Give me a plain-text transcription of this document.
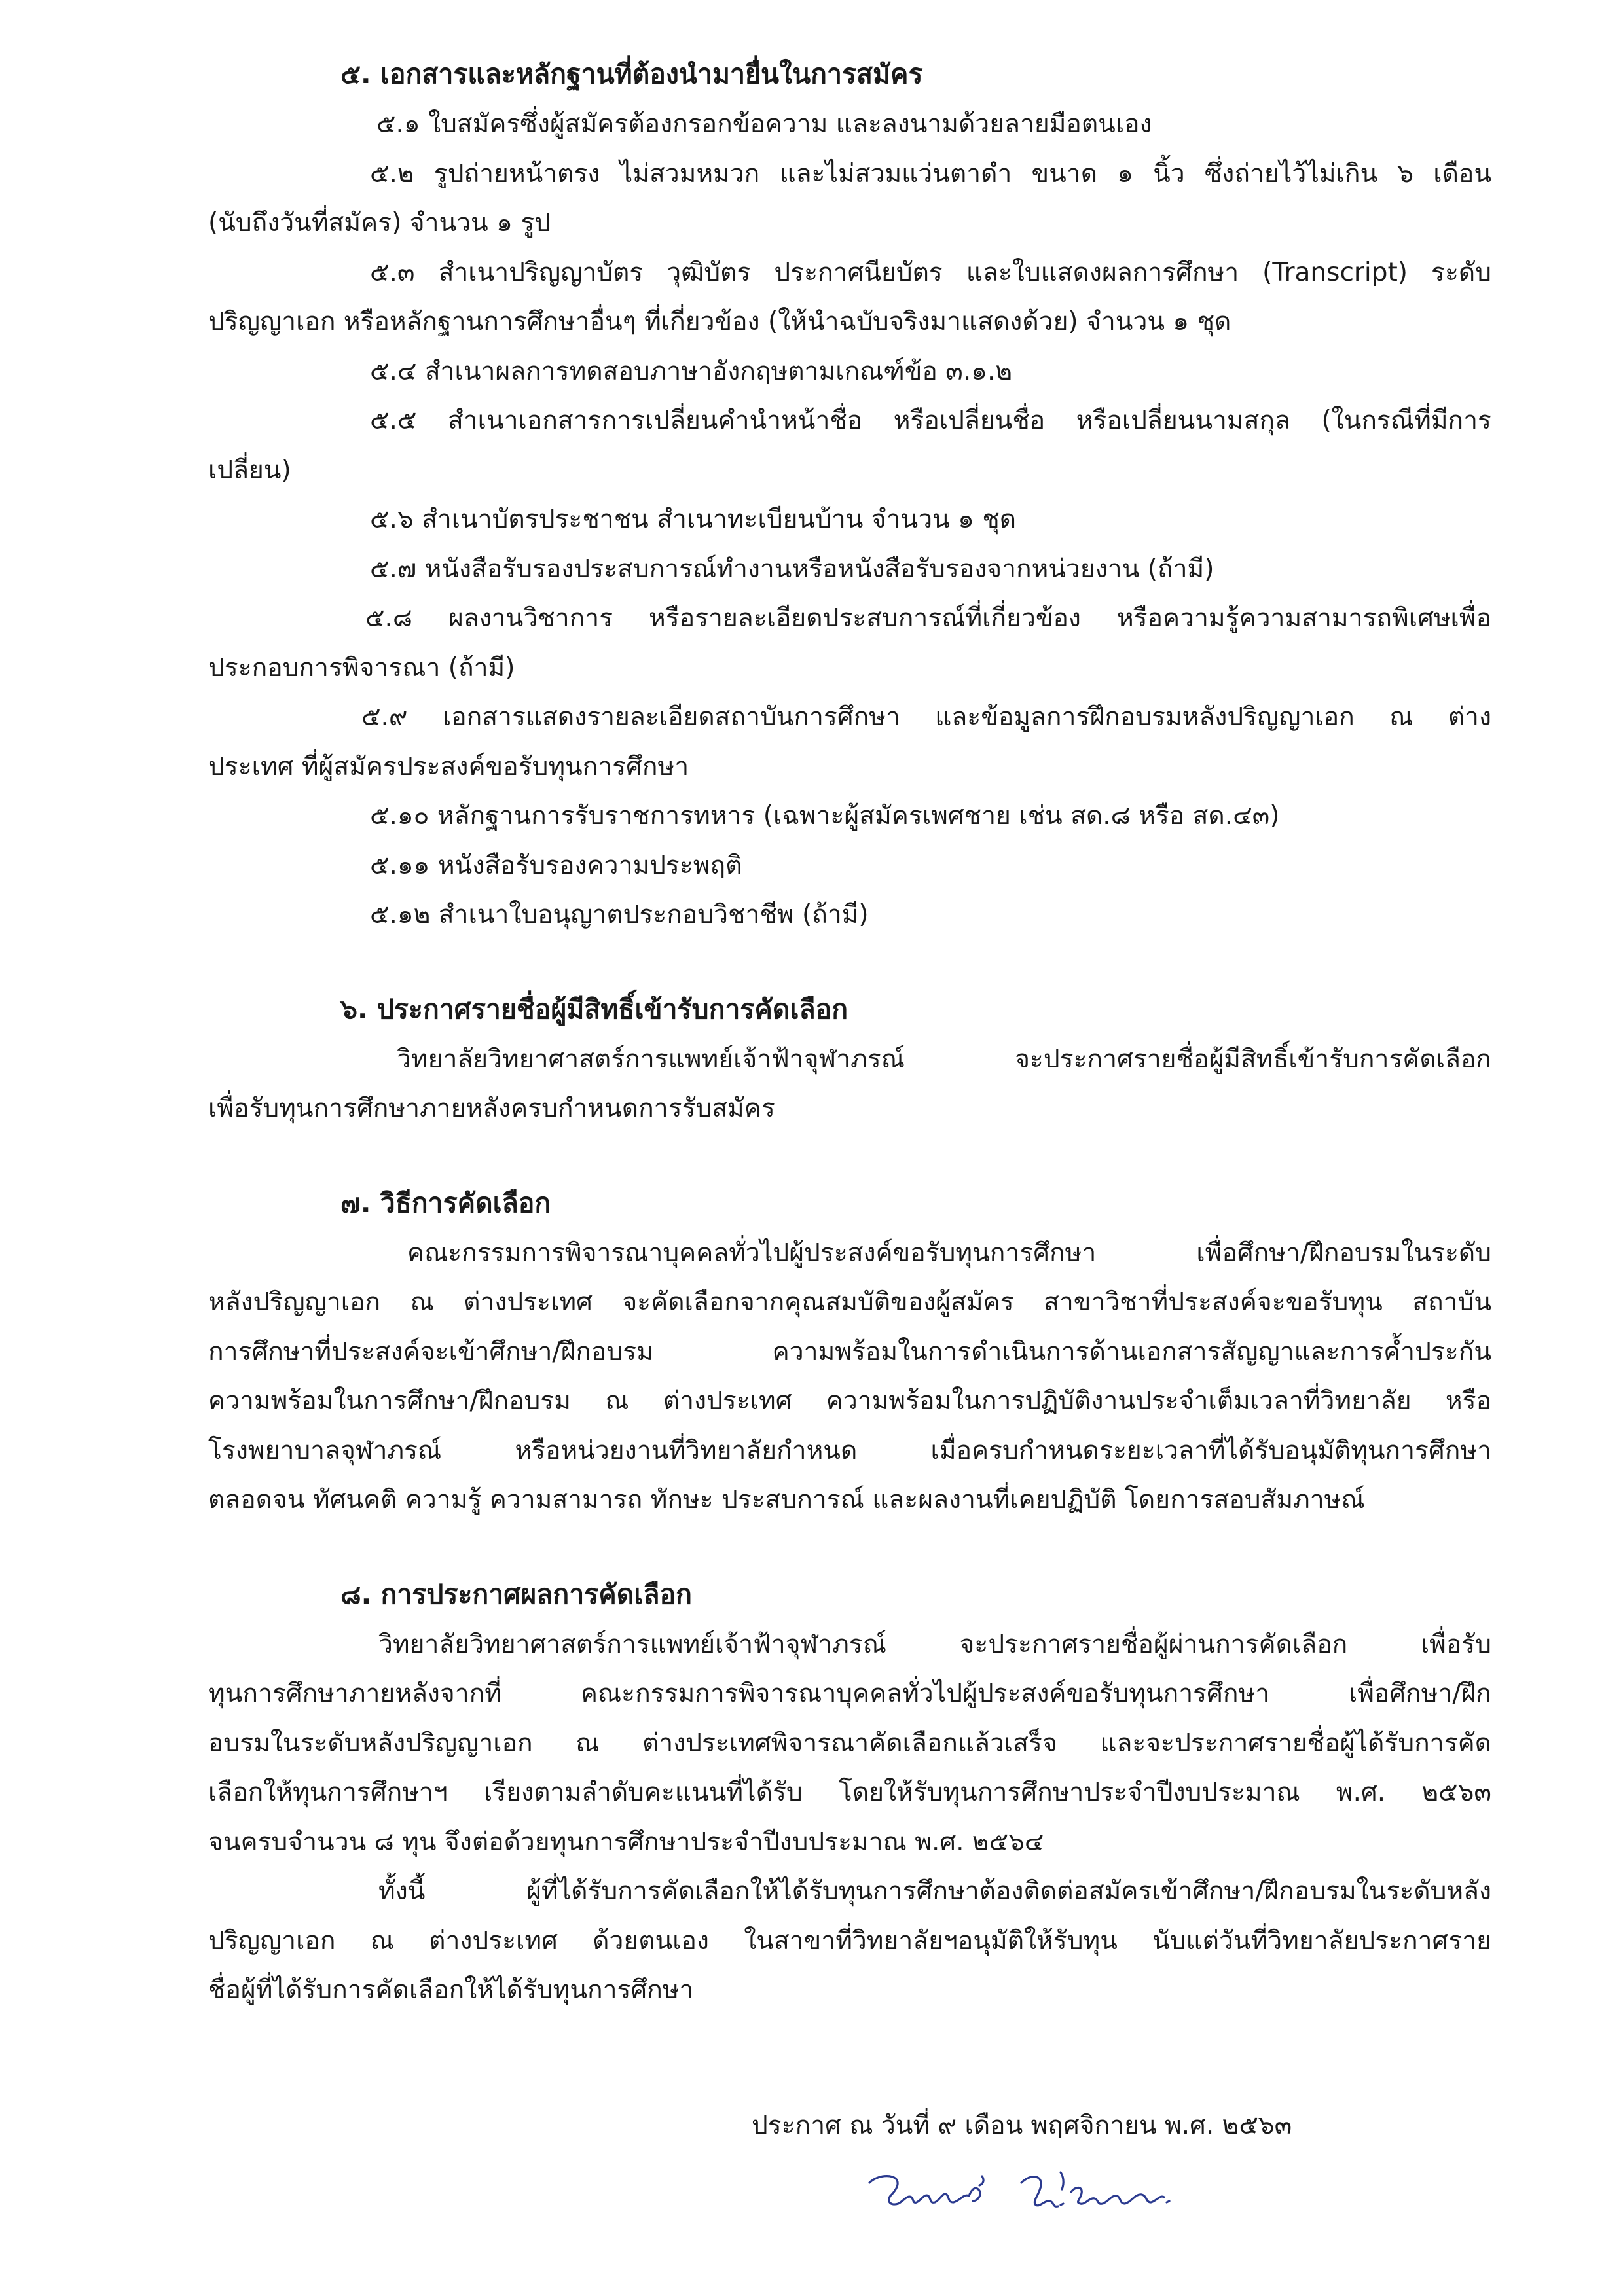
๕. เอกสารและหลักฐานที่ต้องนำมายื่นในการสมัคร
๕.๑ ใบสมัครซึ่งผู้สมัครต้องกรอกข้อความ และลงนามด้วยลายมือตนเอง
๕.๒ รูปถ่ายหน้าตรง ไม่สวมหมวก และไม่สวมแว่นตาดำ ขนาด ๑ นิ้ว ซึ่งถ่ายไว้ไม่เกิน ๖ เดือน
(นับถึงวันที่สมัคร) จำนวน ๑ รูป
๕.๓ สำเนาปริญญาบัตร วุฒิบัตร ประกาศนียบัตร และใบแสดงผลการศึกษา (Transcript) ระดับ
ปริญญาเอก หรือหลักฐานการศึกษาอื่นๆ ที่เกี่ยวข้อง (ให้นำฉบับจริงมาแสดงด้วย) จำนวน ๑ ชุด
๕.๔ สำเนาผลการทดสอบภาษาอังกฤษตามเกณฑ์ข้อ ๓.๑.๒
๕.๕ สำเนาเอกสารการเปลี่ยนคำนำหน้าชื่อ หรือเปลี่ยนชื่อ หรือเปลี่ยนนามสกุล (ในกรณีที่มีการ
เปลี่ยน)
๕.๖ สำเนาบัตรประชาชน สำเนาทะเบียนบ้าน จำนวน ๑ ชุด
๕.๗ หนังสือรับรองประสบการณ์ทำงานหรือหนังสือรับรองจากหน่วยงาน (ถ้ามี)
๕.๘ ผลงานวิชาการ หรือรายละเอียดประสบการณ์ที่เกี่ยวข้อง หรือความรู้ความสามารถพิเศษเพื่อ
ประกอบการพิจารณา (ถ้ามี)
๕.๙ เอกสารแสดงรายละเอียดสถาบันการศึกษา และข้อมูลการฝึกอบรมหลังปริญญาเอก ณ ต่าง
ประเทศ ที่ผู้สมัครประสงค์ขอรับทุนการศึกษา
๕.๑๐ หลักฐานการรับราชการทหาร (เฉพาะผู้สมัครเพศชาย เช่น สด.๘ หรือ สด.๔๓)
๕.๑๑ หนังสือรับรองความประพฤติ
๕.๑๒ สำเนาใบอนุญาตประกอบวิชาชีพ (ถ้ามี)
๖. ประกาศรายชื่อผู้มีสิทธิ์เข้ารับการคัดเลือก
วิทยาลัยวิทยาศาสตร์การแพทย์เจ้าฟ้าจุฬาภรณ์ จะประกาศรายชื่อผู้มีสิทธิ์เข้ารับการคัดเลือก
เพื่อรับทุนการศึกษาภายหลังครบกำหนดการรับสมัคร
๗. วิธีการคัดเลือก
คณะกรรมการพิจารณาบุคคลทั่วไปผู้ประสงค์ขอรับทุนการศึกษา เพื่อศึกษา/ฝึกอบรมในระดับ
หลังปริญญาเอก ณ ต่างประเทศ จะคัดเลือกจากคุณสมบัติของผู้สมัคร สาขาวิชาที่ประสงค์จะขอรับทุน สถาบัน
การศึกษาที่ประสงค์จะเข้าศึกษา/ฝึกอบรม ความพร้อมในการดำเนินการด้านเอกสารสัญญาและการค้ำประกัน
ความพร้อมในการศึกษา/ฝึกอบรม ณ ต่างประเทศ ความพร้อมในการปฏิบัติงานประจำเต็มเวลาที่วิทยาลัย หรือ
โรงพยาบาลจุฬาภรณ์ หรือหน่วยงานที่วิทยาลัยกำหนด เมื่อครบกำหนดระยะเวลาที่ได้รับอนุมัติทุนการศึกษา
ตลอดจน ทัศนคติ ความรู้ ความสามารถ ทักษะ ประสบการณ์ และผลงานที่เคยปฏิบัติ โดยการสอบสัมภาษณ์
๘. การประกาศผลการคัดเลือก
วิทยาลัยวิทยาศาสตร์การแพทย์เจ้าฟ้าจุฬาภรณ์ จะประกาศรายชื่อผู้ผ่านการคัดเลือก เพื่อรับ
ทุนการศึกษาภายหลังจากที่ คณะกรรมการพิจารณาบุคคลทั่วไปผู้ประสงค์ขอรับทุนการศึกษา เพื่อศึกษา/ฝึก
อบรมในระดับหลังปริญญาเอก ณ ต่างประเทศพิจารณาคัดเลือกแล้วเสร็จ และจะประกาศรายชื่อผู้ได้รับการคัด
เลือกให้ทุนการศึกษาฯ เรียงตามลำดับคะแนนที่ได้รับ โดยให้รับทุนการศึกษาประจำปีงบประมาณ พ.ศ. ๒๕๖๓
จนครบจำนวน ๘ ทุน จึงต่อด้วยทุนการศึกษาประจำปีงบประมาณ พ.ศ. ๒๕๖๔
ทั้งนี้ ผู้ที่ได้รับการคัดเลือกให้ได้รับทุนการศึกษาต้องติดต่อสมัครเข้าศึกษา/ฝึกอบรมในระดับหลัง
ปริญญาเอก ณ ต่างประเทศ ด้วยตนเอง ในสาขาที่วิทยาลัยฯอนุมัติให้รับทุน นับแต่วันที่วิทยาลัยประกาศราย
ชื่อผู้ที่ได้รับการคัดเลือกให้ได้รับทุนการศึกษา
ประกาศ ณ วันที่ ๙ เดือน พฤศจิกายน พ.ศ. ๒๕๖๓
